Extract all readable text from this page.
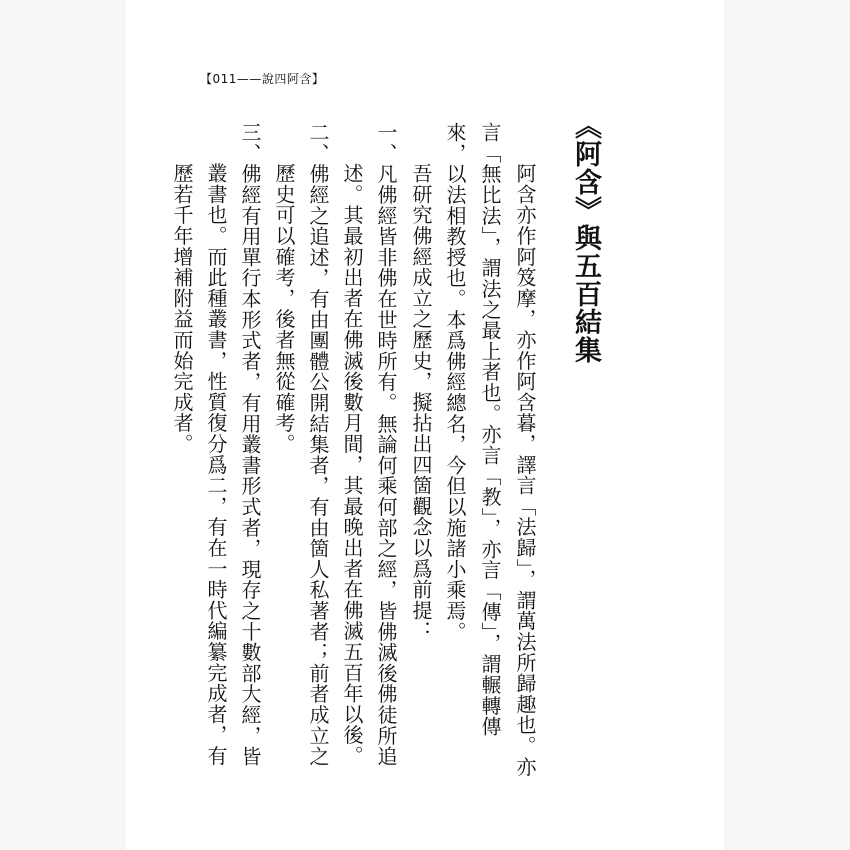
【011——說四阿含】
《阿含》與五百結集
阿含亦作阿笈摩，亦作阿含暮，譯言「法歸」，謂萬法所歸趣也。亦
言「無比法」，謂法之最上者也。亦言「教」，亦言「傳」，謂輾轉傳
來，以法相教授也。本爲佛經總名，今但以施諸小乘焉。
吾研究佛經成立之歷史，擬拈出四箇觀念以爲前提：
一、凡佛經皆非佛在世時所有。無論何乘何部之經，皆佛滅後佛徒所追
述。其最初出者在佛滅後數月間，其最晚出者在佛滅五百年以後。
二、佛經之追述，有由團體公開結集者，有由箇人私著者；前者成立之
歷史可以確考，後者無從確考。
三、佛經有用單行本形式者，有用叢書形式者，現存之十數部大經，皆
叢書也。而此種叢書，性質復分爲二，有在一時代編纂完成者，有
歷若千年增補附益而始完成者。
